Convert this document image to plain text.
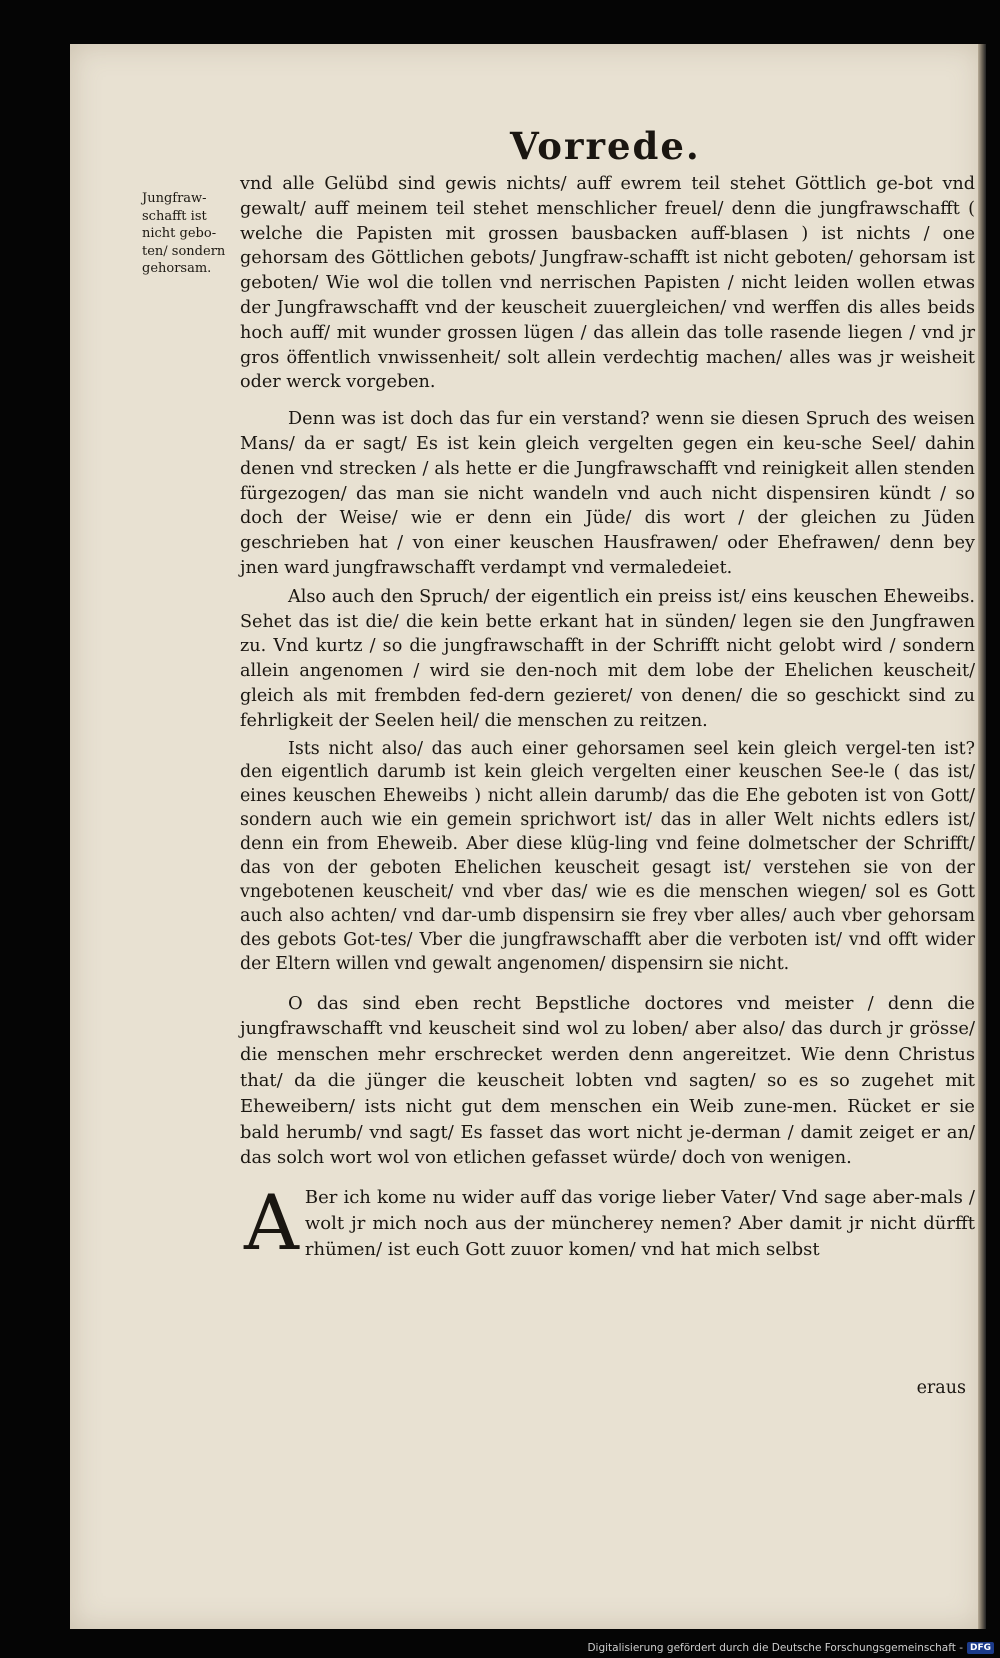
Vorrede.
Jungfraw-schafft ist nicht gebo-ten/ sondern gehorsam.

vnd alle Gelübd sind gewis nichts/ auff ewrem teil stehet Göttlich ge-bot vnd gewalt/ auff meinem teil stehet menschlicher freuel/ denn die jungfrawschafft ( welche die Papisten mit grossen bausbacken auff-blasen ) ist nichts / one gehorsam des Göttlichen gebots/ Jungfraw-schafft ist nicht geboten/ gehorsam ist geboten/ Wie wol die tollen vnd nerrischen Papisten / nicht leiden wollen etwas der Jungfrawschafft vnd der keuscheit zuuergleichen/ vnd werffen dis alles beids hoch auff/ mit wunder grossen lügen / das allein das tolle rasende liegen / vnd jr gros öffentlich vnwissenheit/ solt allein verdechtig machen/ alles was jr weisheit oder werck vorgeben.

Denn was ist doch das fur ein verstand? wenn sie diesen Spruch des weisen Mans/ da er sagt/ Es ist kein gleich vergelten gegen ein keu-sche Seel/ dahin denen vnd strecken / als hette er die Jungfrawschafft vnd reinigkeit allen stenden fürgezogen/ das man sie nicht wandeln vnd auch nicht dispensiren kündt / so doch der Weise/ wie er denn ein Jüde/ dis wort / der gleichen zu Jüden geschrieben hat / von einer keuschen Hausfrawen/ oder Ehefrawen/ denn bey jnen ward jungfrawschafft verdampt vnd vermaledeiet.

Also auch den Spruch/ der eigentlich ein preiss ist/ eins keuschen Eheweibs. Sehet das ist die/ die kein bette erkant hat in sünden/ legen sie den Jungfrawen zu. Vnd kurtz / so die jungfrawschafft in der Schrifft nicht gelobt wird / sondern allein angenomen / wird sie den-noch mit dem lobe der Ehelichen keuscheit/ gleich als mit frembden fed-dern gezieret/ von denen/ die so geschickt sind zu fehrligkeit der Seelen heil/ die menschen zu reitzen.

Ists nicht also/ das auch einer gehorsamen seel kein gleich vergel-ten ist? den eigentlich darumb ist kein gleich vergelten einer keuschen See-le ( das ist/ eines keuschen Eheweibs ) nicht allein darumb/ das die Ehe geboten ist von Gott/ sondern auch wie ein gemein sprichwort ist/ das in aller Welt nichts edlers ist/ denn ein from Eheweib. Aber diese klüg-ling vnd feine dolmetscher der Schrifft/ das von der geboten Ehelichen keuscheit gesagt ist/ verstehen sie von der vngebotenen keuscheit/ vnd vber das/ wie es die menschen wiegen/ sol es Gott auch also achten/ vnd dar-umb dispensirn sie frey vber alles/ auch vber gehorsam des gebots Got-tes/ Vber die jungfrawschafft aber die verboten ist/ vnd offt wider der Eltern willen vnd gewalt angenomen/ dispensirn sie nicht.

O das sind eben recht Bepstliche doctores vnd meister / denn die jungfrawschafft vnd keuscheit sind wol zu loben/ aber also/ das durch jr grösse/ die menschen mehr erschrecket werden denn angereitzet. Wie denn Christus that/ da die jünger die keuscheit lobten vnd sagten/ so es so zugehet mit Eheweibern/ ists nicht gut dem menschen ein Weib zune-men. Rücket er sie bald herumb/ vnd sagt/ Es fasset das wort nicht je-derman / damit zeiget er an/ das solch wort wol von etlichen gefasset würde/ doch von wenigen.

A Ber ich kome nu wider auff das vorige lieber Vater/ Vnd sage aber-mals / wolt jr mich noch aus der müncherey nemen? Aber damit jr nicht dürfft rhümen/ ist euch Gott zuuor komen/ vnd hat mich selbst

eraus
Digitalisierung gefördert durch die Deutsche Forschungsgemeinschaft - DFG
